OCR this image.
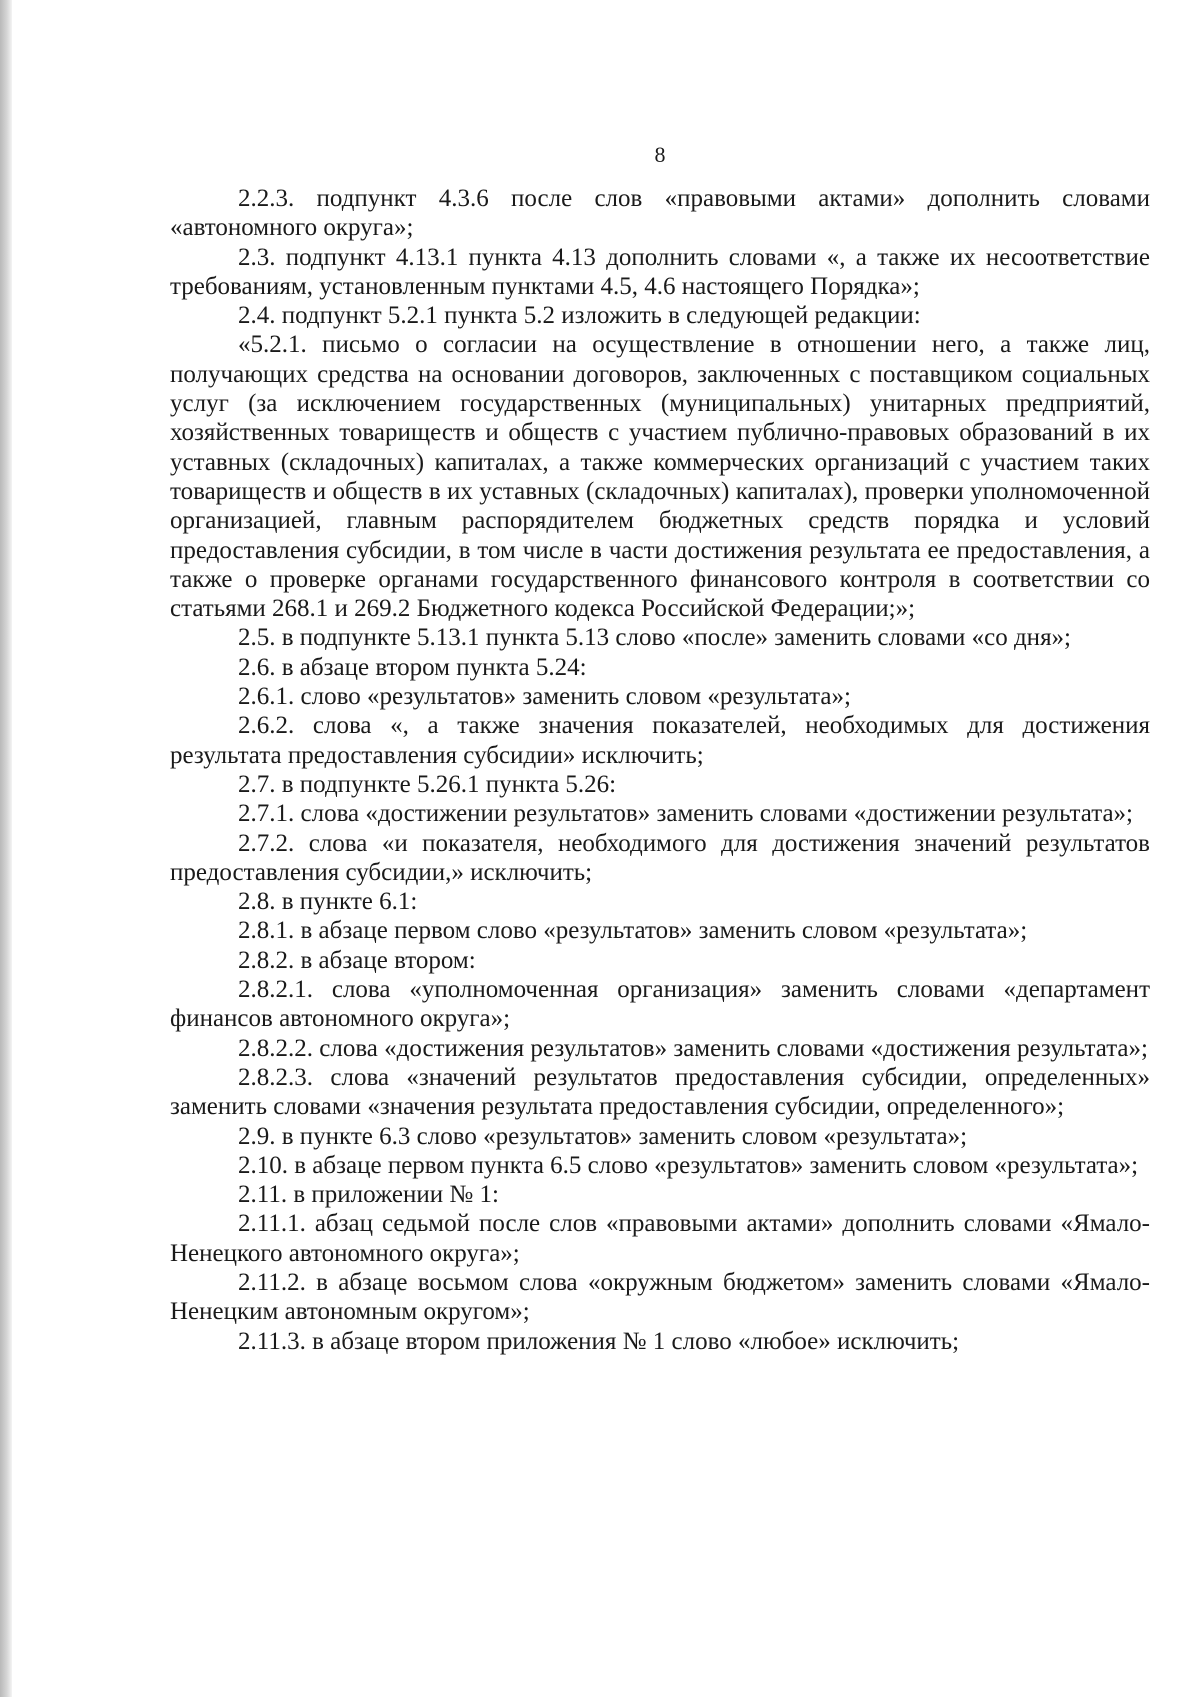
8

2.2.3. подпункт 4.3.6 после слов «правовыми актами» дополнить словами «автономного округа»;

2.3. подпункт 4.13.1 пункта 4.13 дополнить словами «, а также их несоответствие требованиям, установленным пунктами 4.5, 4.6 настоящего Порядка»;

2.4. подпункт 5.2.1 пункта 5.2 изложить в следующей редакции:

«5.2.1. письмо о согласии на осуществление в отношении него, а также лиц, получающих средства на основании договоров, заключенных с поставщиком социальных услуг (за исключением государственных (муниципальных) унитарных предприятий, хозяйственных товариществ и обществ с участием публично-правовых образований в их уставных (складочных) капиталах, а также коммерческих организаций с участием таких товариществ и обществ в их уставных (складочных) капиталах), проверки уполномоченной организацией, главным распорядителем бюджетных средств порядка и условий предоставления субсидии, в том числе в части достижения результата ее предоставления, а также о проверке органами государственного финансового контроля в соответствии со статьями 268.1 и 269.2 Бюджетного кодекса Российской Федерации;»;

2.5. в подпункте 5.13.1 пункта 5.13 слово «после» заменить словами «со дня»;

2.6. в абзаце втором пункта 5.24:

2.6.1. слово «результатов» заменить словом «результата»;

2.6.2. слова «, а также значения показателей, необходимых для достижения результата предоставления субсидии» исключить;

2.7. в подпункте 5.26.1 пункта 5.26:

2.7.1. слова «достижении результатов» заменить словами «достижении результата»;

2.7.2. слова «и показателя, необходимого для достижения значений результатов предоставления субсидии,» исключить;

2.8. в пункте 6.1:

2.8.1. в абзаце первом слово «результатов» заменить словом «результата»;

2.8.2. в абзаце втором:

2.8.2.1. слова «уполномоченная организация» заменить словами «департамент финансов автономного округа»;

2.8.2.2. слова «достижения результатов» заменить словами «достижения результата»;

2.8.2.3. слова «значений результатов предоставления субсидии, определенных» заменить словами «значения результата предоставления субсидии, определенного»;

2.9. в пункте 6.3 слово «результатов» заменить словом «результата»;

2.10. в абзаце первом пункта 6.5 слово «результатов» заменить словом «результата»;

2.11. в приложении № 1:

2.11.1. абзац седьмой после слов «правовыми актами» дополнить словами «Ямало-Ненецкого автономного округа»;

2.11.2. в абзаце восьмом слова «окружным бюджетом» заменить словами «Ямало-Ненецким автономным округом»;

2.11.3. в абзаце втором приложения № 1 слово «любое» исключить;
